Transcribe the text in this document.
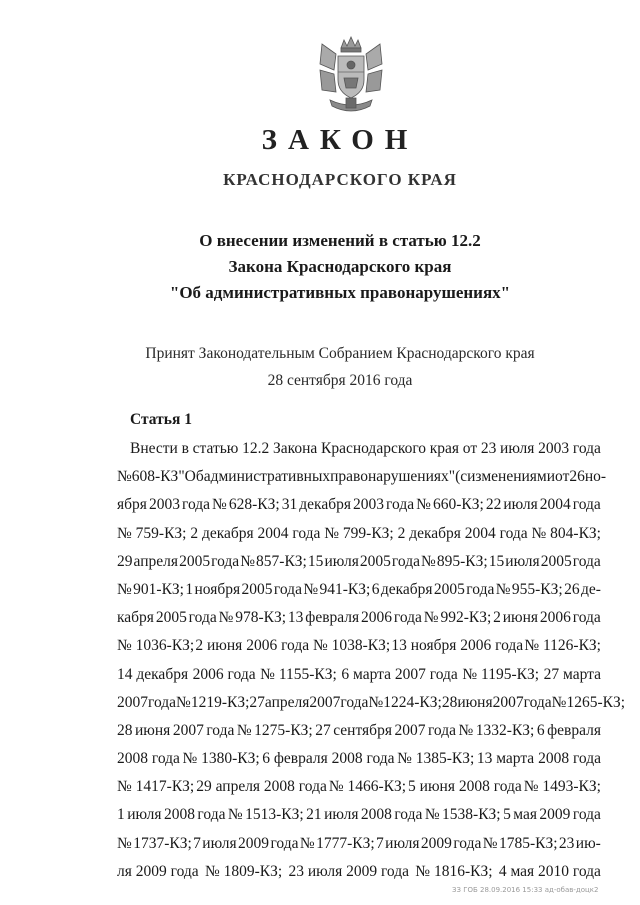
ЗАКОН
КРАСНОДАРСКОГО КРАЯ
О внесении изменений в статью 12.2
Закона Краснодарского края
"Об административных правонарушениях"
Принят Законодательным Собранием Краснодарского края
28 сентября 2016 года
Статья 1
Внести в статью 12.2 Закона Краснодарского края от 23 июля 2003 года
№ 608-КЗ "Об административных правонарушениях" (с изменениями от 26 но-
ября 2003 года № 628-КЗ; 31 декабря 2003 года № 660-КЗ; 22 июля 2004 года
№ 759-КЗ; 2 декабря 2004 года № 799-КЗ; 2 декабря 2004 года № 804-КЗ;
29 апреля 2005 года № 857-КЗ; 15 июля 2005 года № 895-КЗ; 15 июля 2005 года
№ 901-КЗ; 1 ноября 2005 года № 941-КЗ; 6 декабря 2005 года № 955-КЗ; 26 де-
кабря 2005 года № 978-КЗ; 13 февраля 2006 года № 992-КЗ; 2 июня 2006 года
№ 1036-КЗ; 2 июня 2006 года № 1038-КЗ; 13 ноября 2006 года № 1126-КЗ;
14 декабря 2006 года № 1155-КЗ; 6 марта 2007 года № 1195-КЗ; 27 марта
2007 года № 1219-КЗ; 27 апреля 2007 года № 1224-КЗ; 28 июня 2007 года № 1265-КЗ;
28 июня 2007 года № 1275-КЗ; 27 сентября 2007 года № 1332-КЗ; 6 февраля
2008 года № 1380-КЗ; 6 февраля 2008 года № 1385-КЗ; 13 марта 2008 года
№ 1417-КЗ; 29 апреля 2008 года № 1466-КЗ; 5 июня 2008 года № 1493-КЗ;
1 июля 2008 года № 1513-КЗ; 21 июля 2008 года № 1538-КЗ; 5 мая 2009 года
№ 1737-КЗ; 7 июля 2009 года № 1777-КЗ; 7 июля 2009 года № 1785-КЗ; 23 ию-
ля 2009 года № 1809-КЗ; 23 июля 2009 года № 1816-КЗ; 4 мая 2010 года
ЗЗ ГОБ 28.09.2016 15:33 ад-обав-доцк2
